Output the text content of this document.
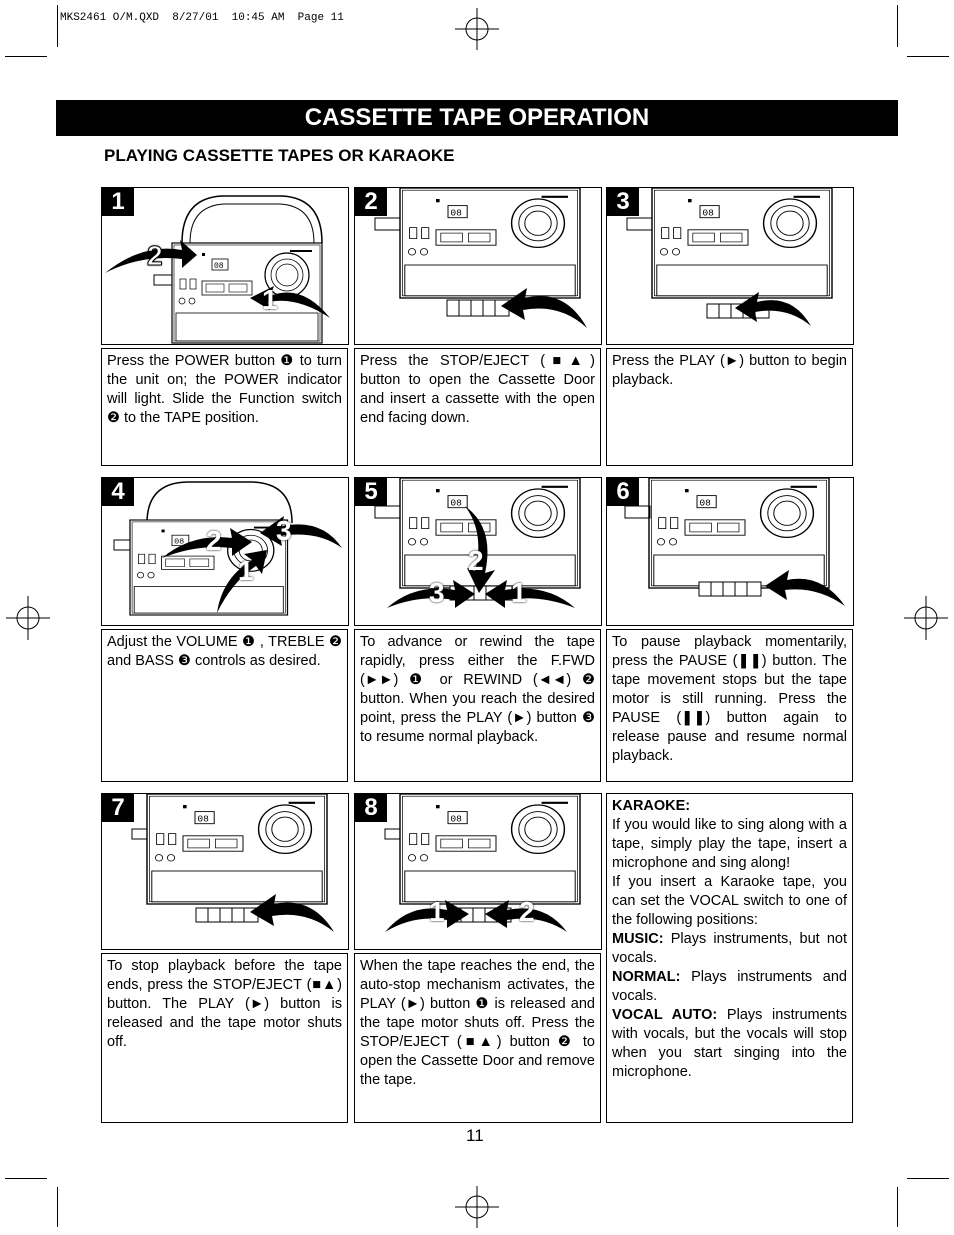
MKS2461 O/M.QXD  8/27/01  10:45 AM  Page 11
CASSETTE TAPE OPERATION
PLAYING CASSETTE TAPES OR KARAOKE
1
2
1
2	3
Press the POWER button ❶ to turn the unit on; the POWER indicator will light. Slide the Function switch ❷ to the TAPE position.
Press the STOP/EJECT (■▲) button to open the Cassette Door and insert a cassette with the open end facing down.
Press the PLAY (►) button to begin playback.
4
2 3
1
5
2
3 1
6
Adjust the VOLUME ❶ , TREBLE ❷ and BASS ❸ controls as desired.
To advance or rewind the tape rapidly, press either the F.FWD (►►) ❶ or REWIND (◄◄) ❷ button. When you reach the desired point, press the PLAY (►) button ❸ to resume normal playback.
To pause playback momentarily, press the PAUSE (❚❚) button. The tape movement stops but the tape motor is still running. Press the PAUSE (❚❚) button again to release pause and resume normal playback.
7	8
1	2
To stop playback before the tape ends, press the STOP/EJECT (■▲) button. The PLAY (►) button is released and the tape motor shuts off.
When the tape reaches the end, the auto-stop mechanism activates, the PLAY (►) button ❶ is released and the tape motor shuts off. Press the STOP/EJECT (■▲) button ❷ to open the Cassette Door and remove the tape.
KARAOKE:
If you would like to sing along with a tape, simply play the tape, insert a microphone and sing along!
If you insert a Karaoke tape, you can set the VOCAL switch to one of the following positions:
MUSIC: Plays instruments, but not vocals.
NORMAL: Plays instruments and vocals.
VOCAL AUTO: Plays instruments with vocals, but the vocals will stop when you start singing into the microphone.
11
